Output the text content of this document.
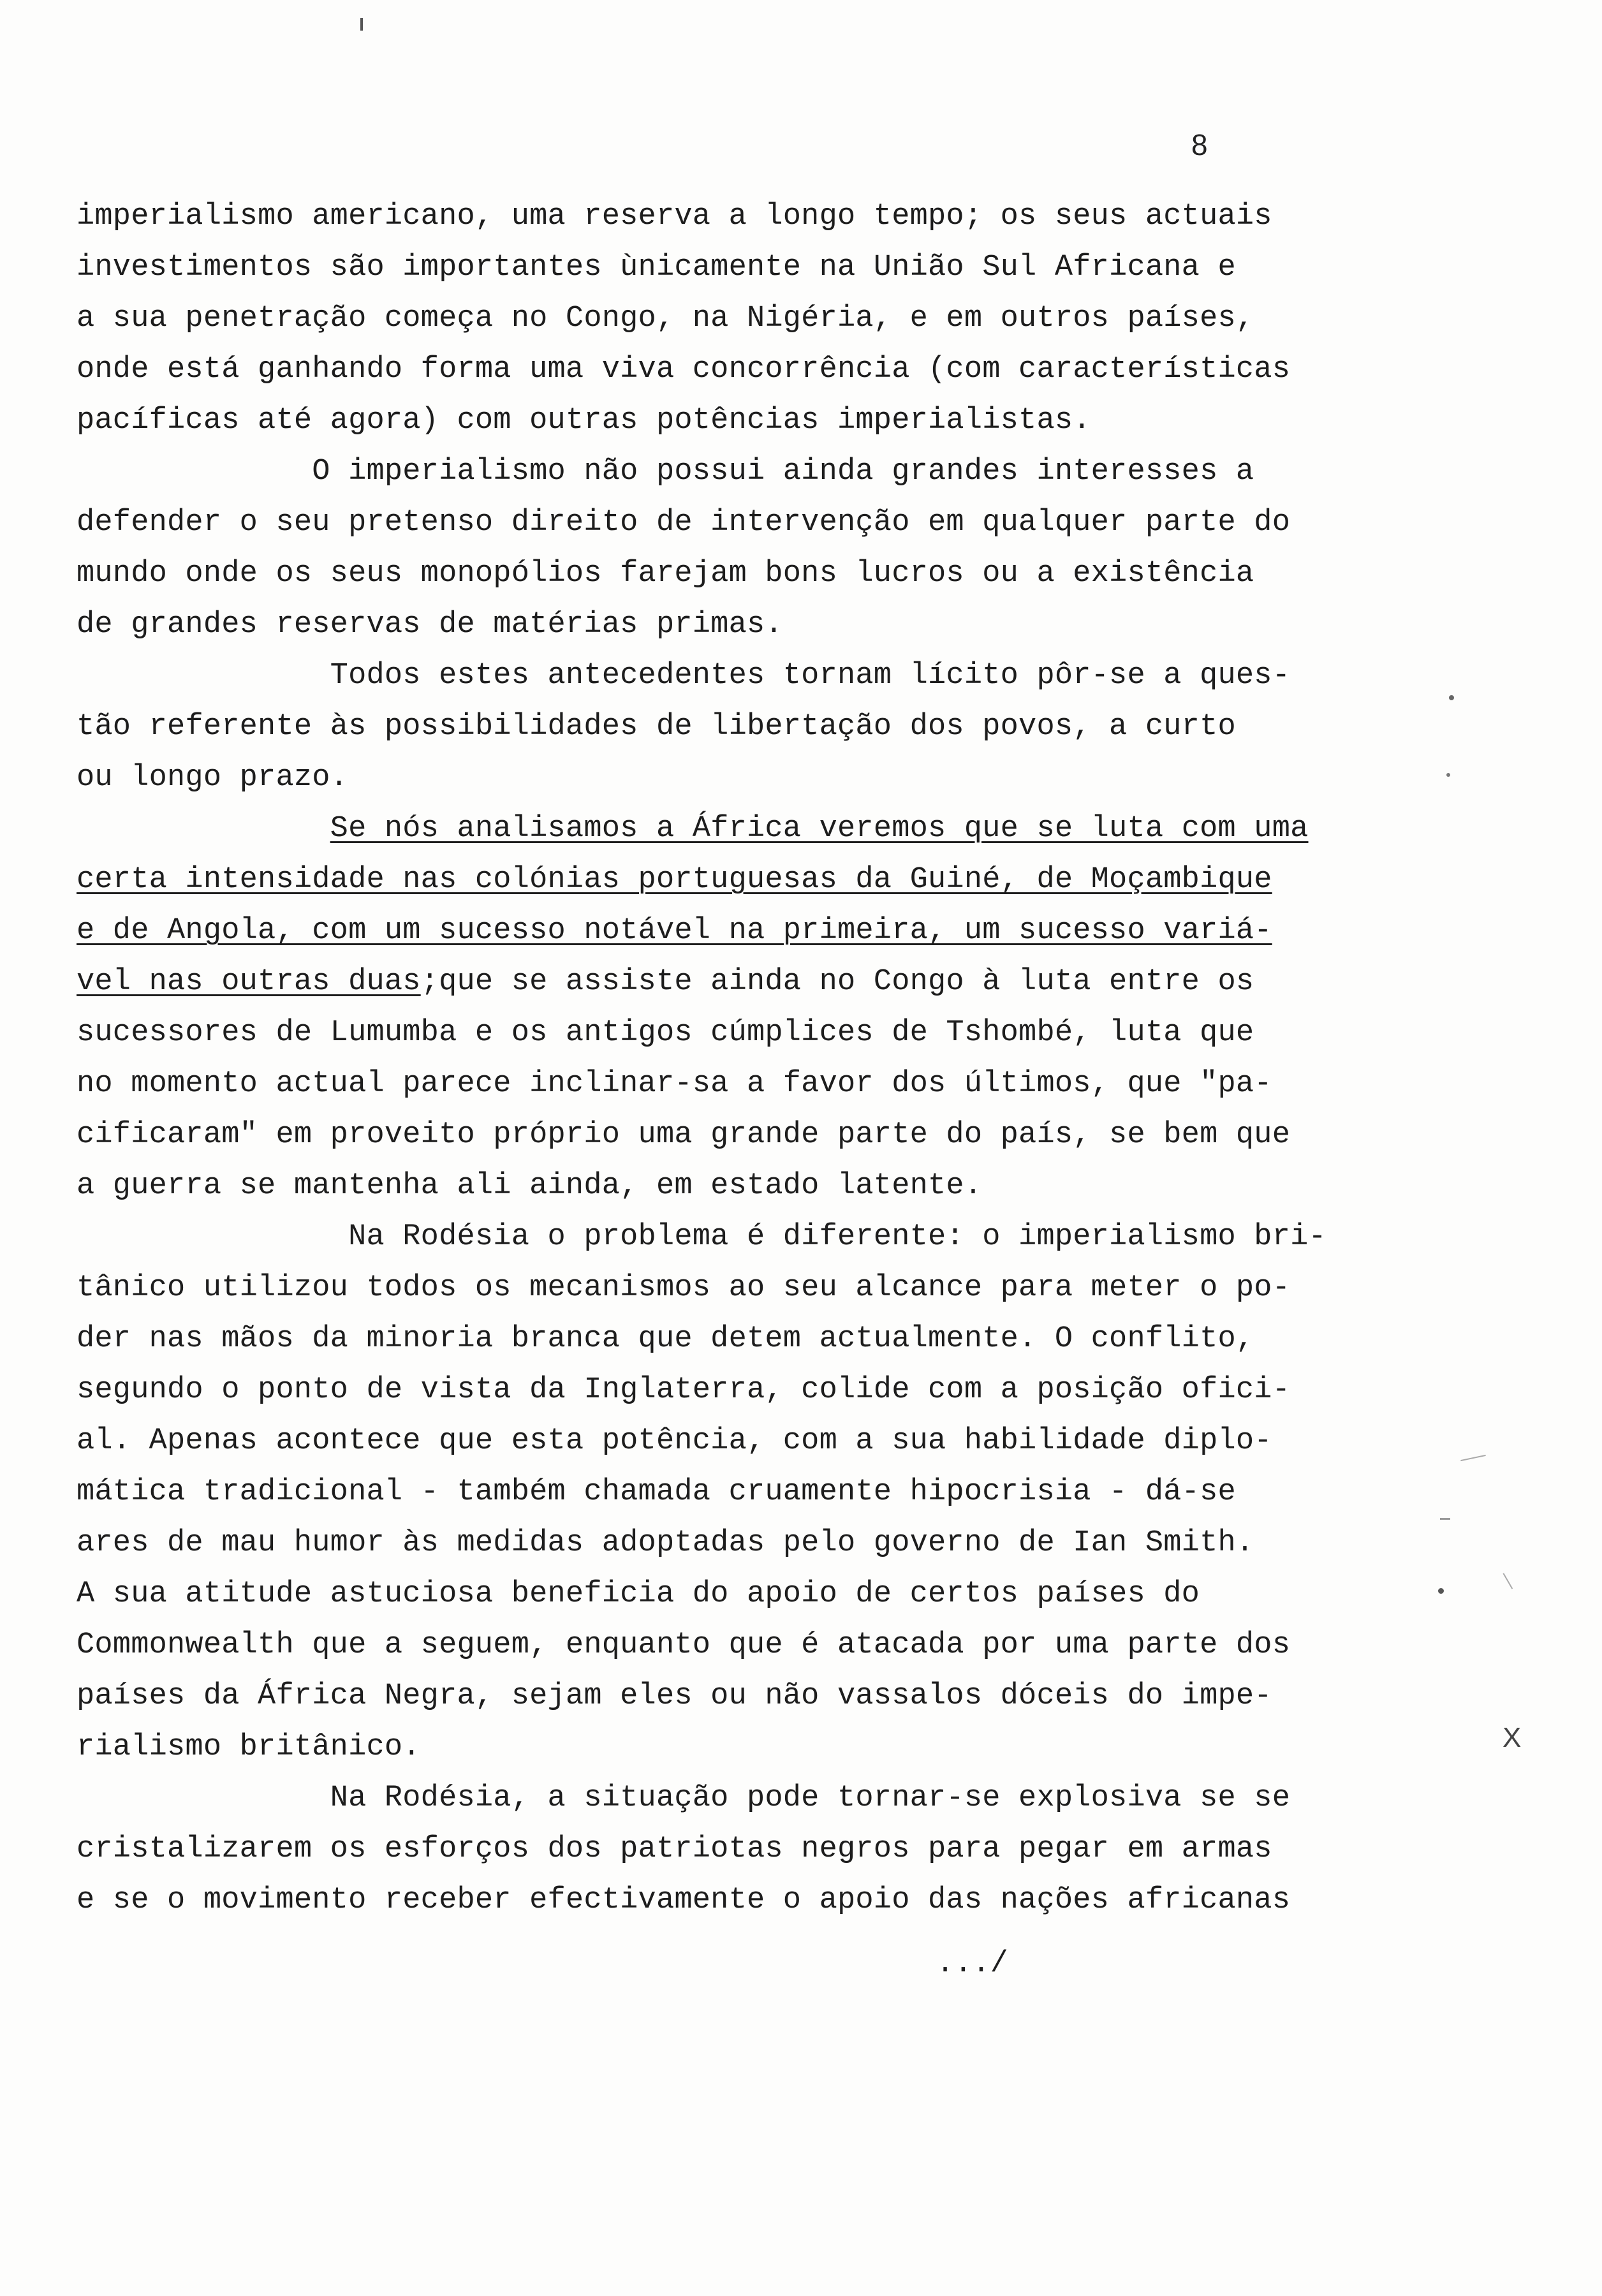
8
imperialismo americano, uma reserva a longo tempo; os seus actuais
investimentos são importantes ùnicamente na União Sul Africana e
a sua penetração começa no Congo, na Nigéria, e em outros países,
onde está ganhando forma uma viva concorrência (com características
pacíficas até agora) com outras potências imperialistas.
O imperialismo não possui ainda grandes interesses a
defender o seu pretenso direito de intervenção em qualquer parte do
mundo onde os seus monopólios farejam bons lucros ou a existência
de grandes reservas de matérias primas.
Todos estes antecedentes tornam lícito pôr-se a ques-
tão referente às possibilidades de libertação dos povos, a curto
ou longo prazo.
Se nós analisamos a África veremos que se luta com uma
certa intensidade nas colónias portuguesas da Guiné, de Moçambique
e de Angola, com um sucesso notável na primeira, um sucesso variá-
vel nas outras duas;que se assiste ainda no Congo à luta entre os
sucessores de Lumumba e os antigos cúmplices de Tshombé, luta que
no momento actual parece inclinar-sa a favor dos últimos, que "pa-
cificaram" em proveito próprio uma grande parte do país, se bem que
a guerra se mantenha ali ainda, em estado latente.
Na Rodésia o problema é diferente: o imperialismo bri-
tânico utilizou todos os mecanismos ao seu alcance para meter o po-
der nas mãos da minoria branca que detem actualmente. O conflito,
segundo o ponto de vista da Inglaterra, colide com a posição ofici-
al. Apenas acontece que esta potência, com a sua habilidade diplo-
mática tradicional - também chamada cruamente hipocrisia - dá-se
ares de mau humor às medidas adoptadas pelo governo de Ian Smith.
A sua atitude astuciosa beneficia do apoio de certos países do
Commonwealth que a seguem, enquanto que é atacada por uma parte dos
países da África Negra, sejam eles ou não vassalos dóceis do impe-
rialismo britânico.
Na Rodésia, a situação pode tornar-se explosiva se se
cristalizarem os esforços dos patriotas negros para pegar em armas
e se o movimento receber efectivamente o apoio das nações africanas
.../
X
